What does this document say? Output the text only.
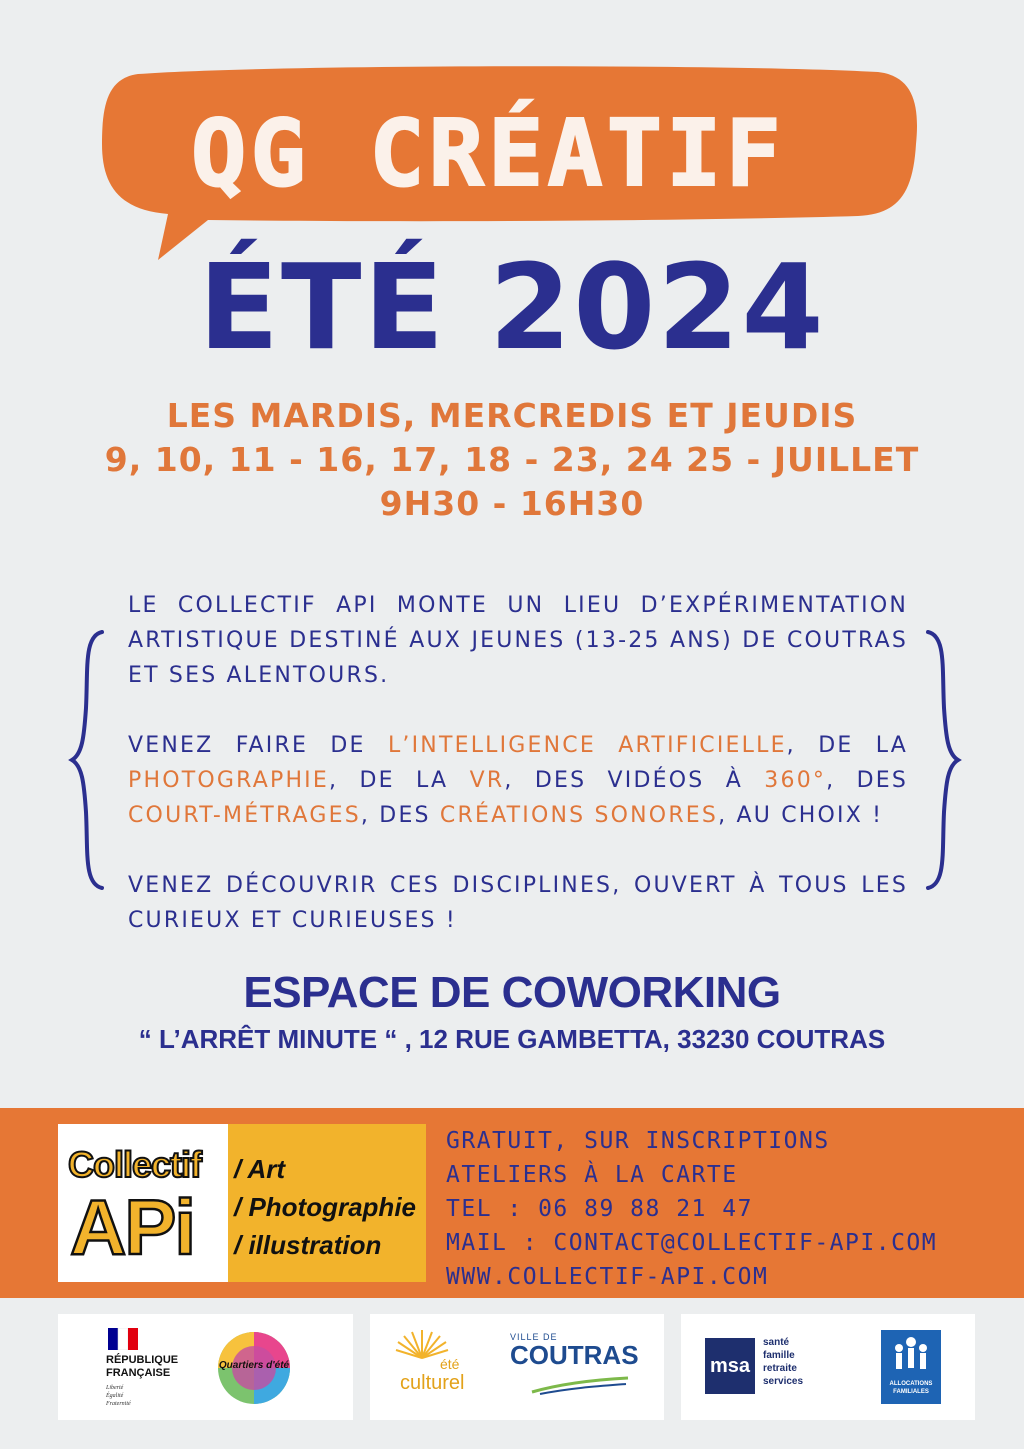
QG CRÉATIF
ÉTÉ 2024
LES MARDIS, MERCREDIS ET JEUDIS
9, 10, 11 - 16, 17, 18 - 23, 24 25 - JUILLET
9H30 - 16H30

LE COLLECTIF API MONTE UN LIEU D’EXPÉRIMENTATION ARTISTIQUE DESTINÉ AUX JEUNES (13-25 ANS) DE COUTRAS ET SES ALENTOURS.

VENEZ FAIRE DE L’INTELLIGENCE ARTIFICIELLE, DE LA PHOTOGRAPHIE, DE LA VR, DES VIDÉOS À 360°, DES COURT-MÉTRAGES, DES CRÉATIONS SONORES, AU CHOIX !

VENEZ DÉCOUVRIR CES DISCIPLINES, OUVERT À TOUS LES CURIEUX ET CURIEUSES !

ESPACE DE COWORKING
“ L’ARRÊT MINUTE “ , 12 RUE GAMBETTA, 33230 COUTRAS
Collectif
APi
/ Art
/ Photographie
/ illustration
GRATUIT, SUR INSCRIPTIONS
ATELIERS À LA CARTE
TEL : 06 89 88 21 47
MAIL : CONTACT@COLLECTIF-API.COM
WWW.COLLECTIF-API.COM
RÉPUBLIQUE
FRANÇAISE
Liberté
Égalité
Fraternité
Quartiers d'été	été
culturel
VILLE DE
COUTRAS	msa
santé
famille
retraite
services	ALLOCATIONS
FAMILIALES
